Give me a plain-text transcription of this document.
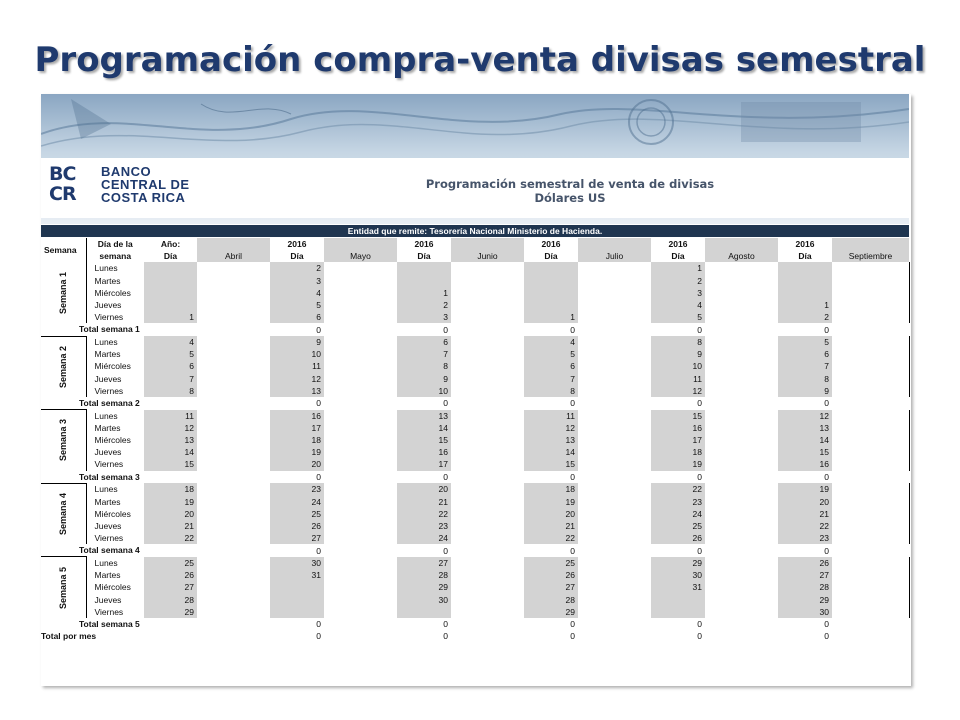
Programación compra-venta divisas semestral
BC
CR
BANCO
CENTRAL DE
COSTA RICA
Programación semestral de venta de divisas
Dólares US
Entidad que remite: Tesorería Nacional Ministerio de Hacienda.
Semana	Día de la	Año:		2016		2016		2016		2016		2016		
	semana	Día	Abril	Día	Mayo	Día	Junio	Día	Julio	Día	Agosto	Día	Septiembre	

Semana 1	Lunes			2						1				
	Martes			3						2				
	Miércoles			4		1				3				
	Jueves			5		2				4		1		
	Viernes	1		6		3		1		5		2		
Total semana 1				0		0		0		0		0		

Semana 2	Lunes	4		9		6		4		8		5		
	Martes	5		10		7		5		9		6		
	Miércoles	6		11		8		6		10		7		
	Jueves	7		12		9		7		11		8		
	Viernes	8		13		10		8		12		9		
Total semana 2				0		0		0		0		0		

Semana 3	Lunes	11		16		13		11		15		12		
	Martes	12		17		14		12		16		13		
	Miércoles	13		18		15		13		17		14		
	Jueves	14		19		16		14		18		15		
	Viernes	15		20		17		15		19		16		
Total semana 3				0		0		0		0		0		

Semana 4	Lunes	18		23		20		18		22		19		
	Martes	19		24		21		19		23		20		
	Miércoles	20		25		22		20		24		21		
	Jueves	21		26		23		21		25		22		
	Viernes	22		27		24		22		26		23		
Total semana 4				0		0		0		0		0		

Semana 5	Lunes	25		30		27		25		29		26		
	Martes	26		31		28		26		30		27		
	Miércoles	27				29		27		31		28		
	Jueves	28				30		28				29		
	Viernes	29						29				30		
Total semana 5				0		0		0		0		0		
Total por mes				0		0		0		0		0		
